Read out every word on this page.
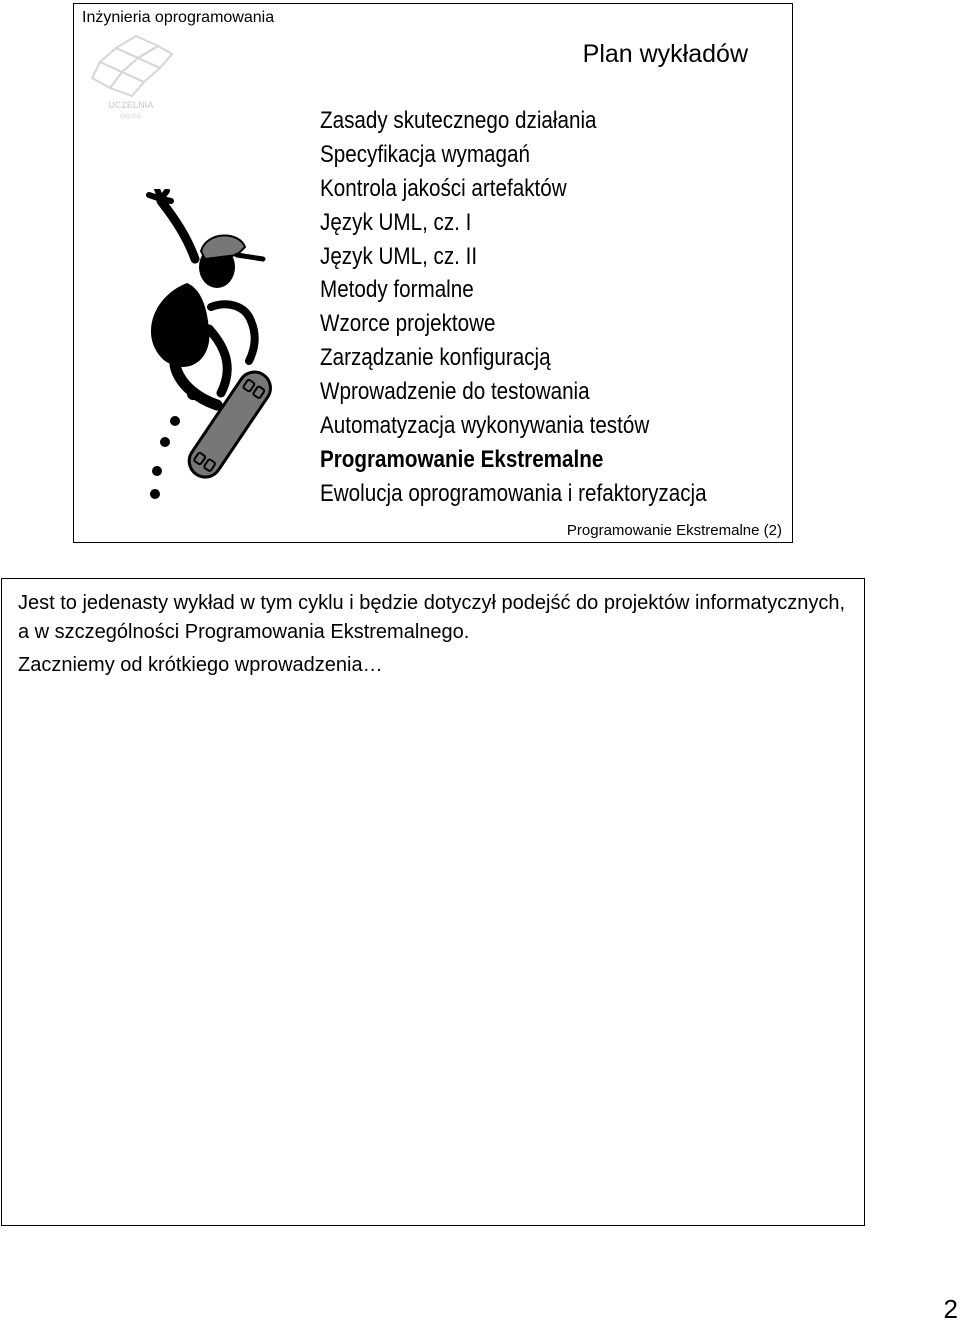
Inżynieria oprogramowania
UCZELNIA
ONLINE
Plan wykładów
Zasady skutecznego działania
Specyfikacja wymagań
Kontrola jakości artefaktów
Język UML, cz. I
Język UML, cz. II
Metody formalne
Wzorce projektowe
Zarządzanie konfiguracją
Wprowadzenie do testowania
Automatyzacja wykonywania testów
Programowanie Ekstremalne
Ewolucja oprogramowania i refaktoryzacja
Programowanie Ekstremalne (2)

Jest to jedenasty wykład w tym cyklu i będzie dotyczył podejść do projektów informatycznych, a w szczególności Programowania Ekstremalnego.

Zaczniemy od krótkiego wprowadzenia…

2
